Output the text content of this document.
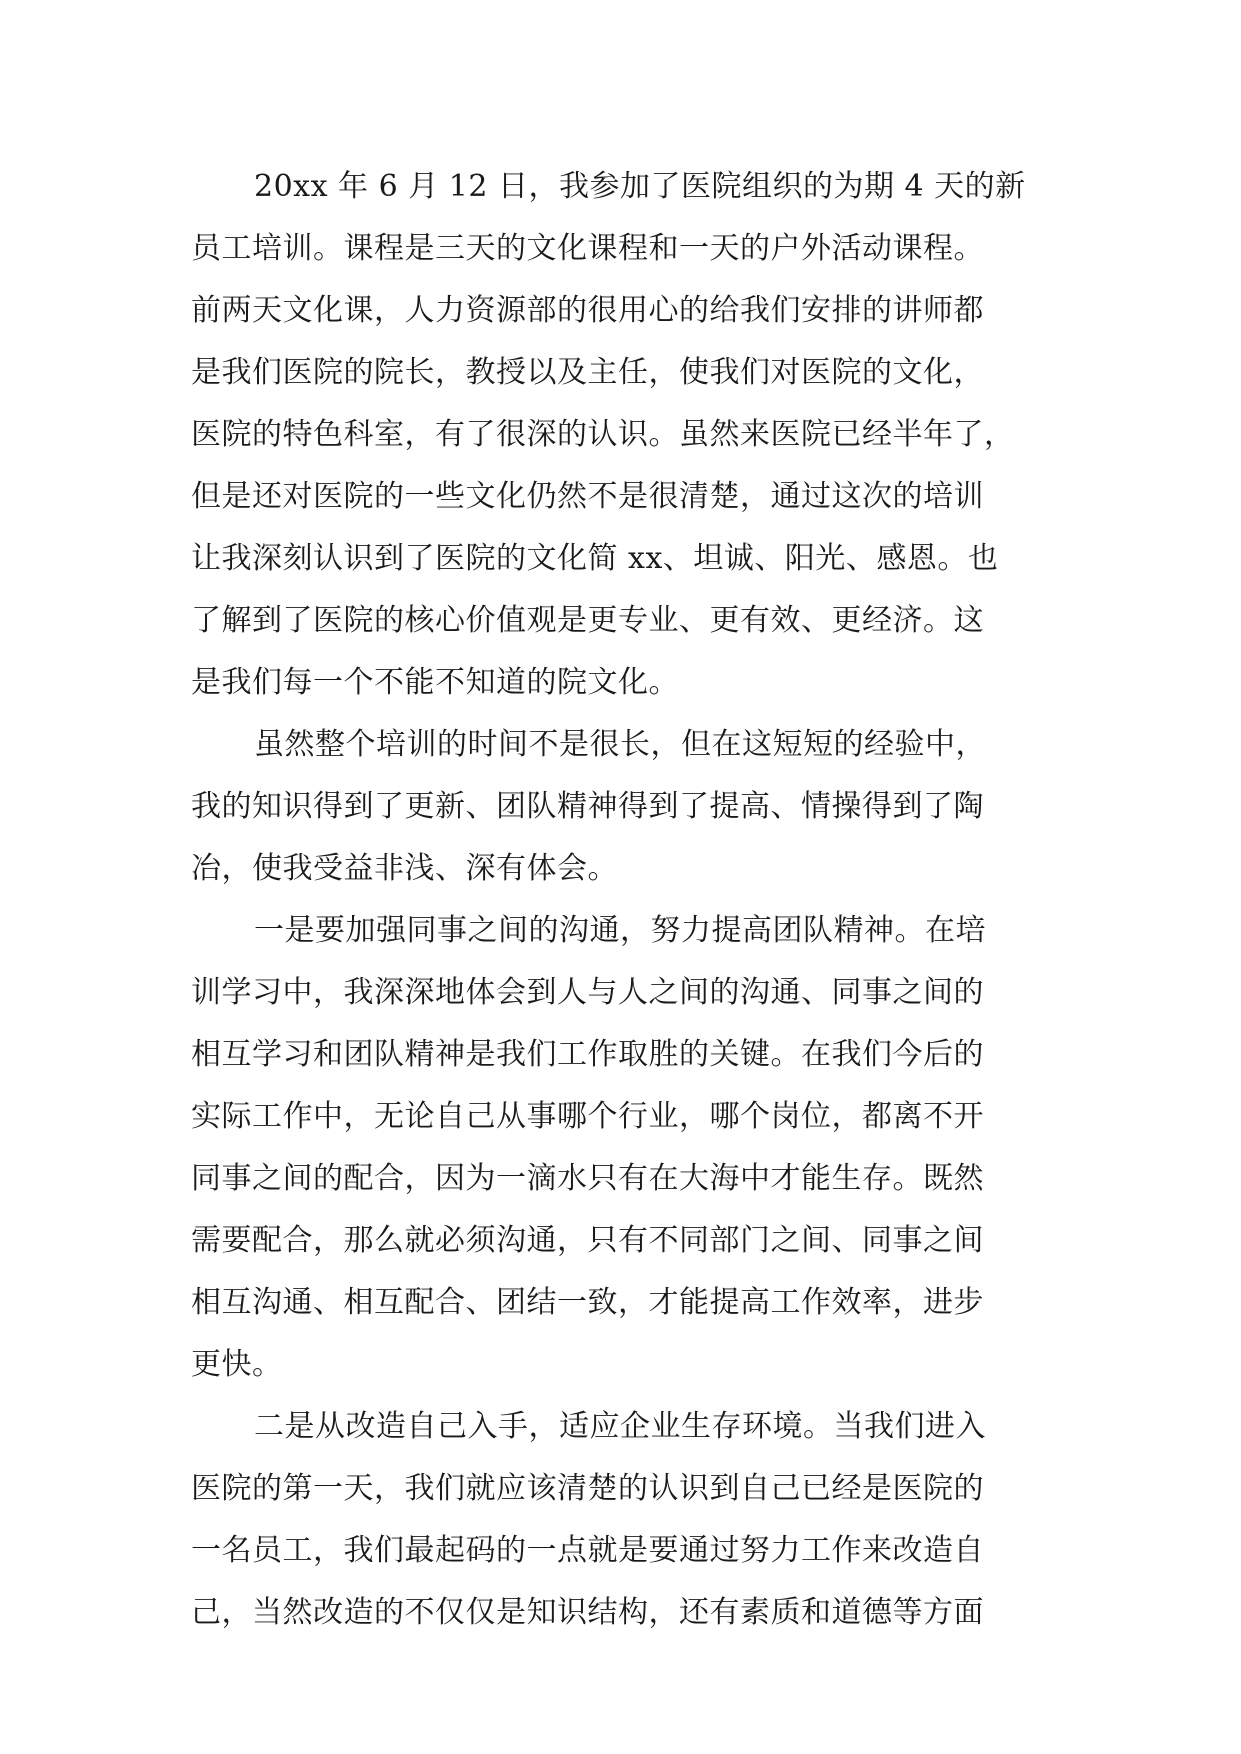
20xx 年 6 月 12 日，我参加了医院组织的为期 4 天的新
员工培训。课程是三天的文化课程和一天的户外活动课程。
前两天文化课，人力资源部的很用心的给我们安排的讲师都
是我们医院的院长，教授以及主任，使我们对医院的文化，
医院的特色科室，有了很深的认识。虽然来医院已经半年了，
但是还对医院的一些文化仍然不是很清楚，通过这次的培训
让我深刻认识到了医院的文化简 xx、坦诚、阳光、感恩。也
了解到了医院的核心价值观是更专业、更有效、更经济。这
是我们每一个不能不知道的院文化。
虽然整个培训的时间不是很长，但在这短短的经验中，
我的知识得到了更新、团队精神得到了提高、情操得到了陶
冶，使我受益非浅、深有体会。
一是要加强同事之间的沟通，努力提高团队精神。在培
训学习中，我深深地体会到人与人之间的沟通、同事之间的
相互学习和团队精神是我们工作取胜的关键。在我们今后的
实际工作中，无论自己从事哪个行业，哪个岗位，都离不开
同事之间的配合，因为一滴水只有在大海中才能生存。既然
需要配合，那么就必须沟通，只有不同部门之间、同事之间
相互沟通、相互配合、团结一致，才能提高工作效率，进步
更快。
二是从改造自己入手，适应企业生存环境。当我们进入
医院的第一天，我们就应该清楚的认识到自己已经是医院的
一名员工，我们最起码的一点就是要通过努力工作来改造自
己，当然改造的不仅仅是知识结构，还有素质和道德等方面
